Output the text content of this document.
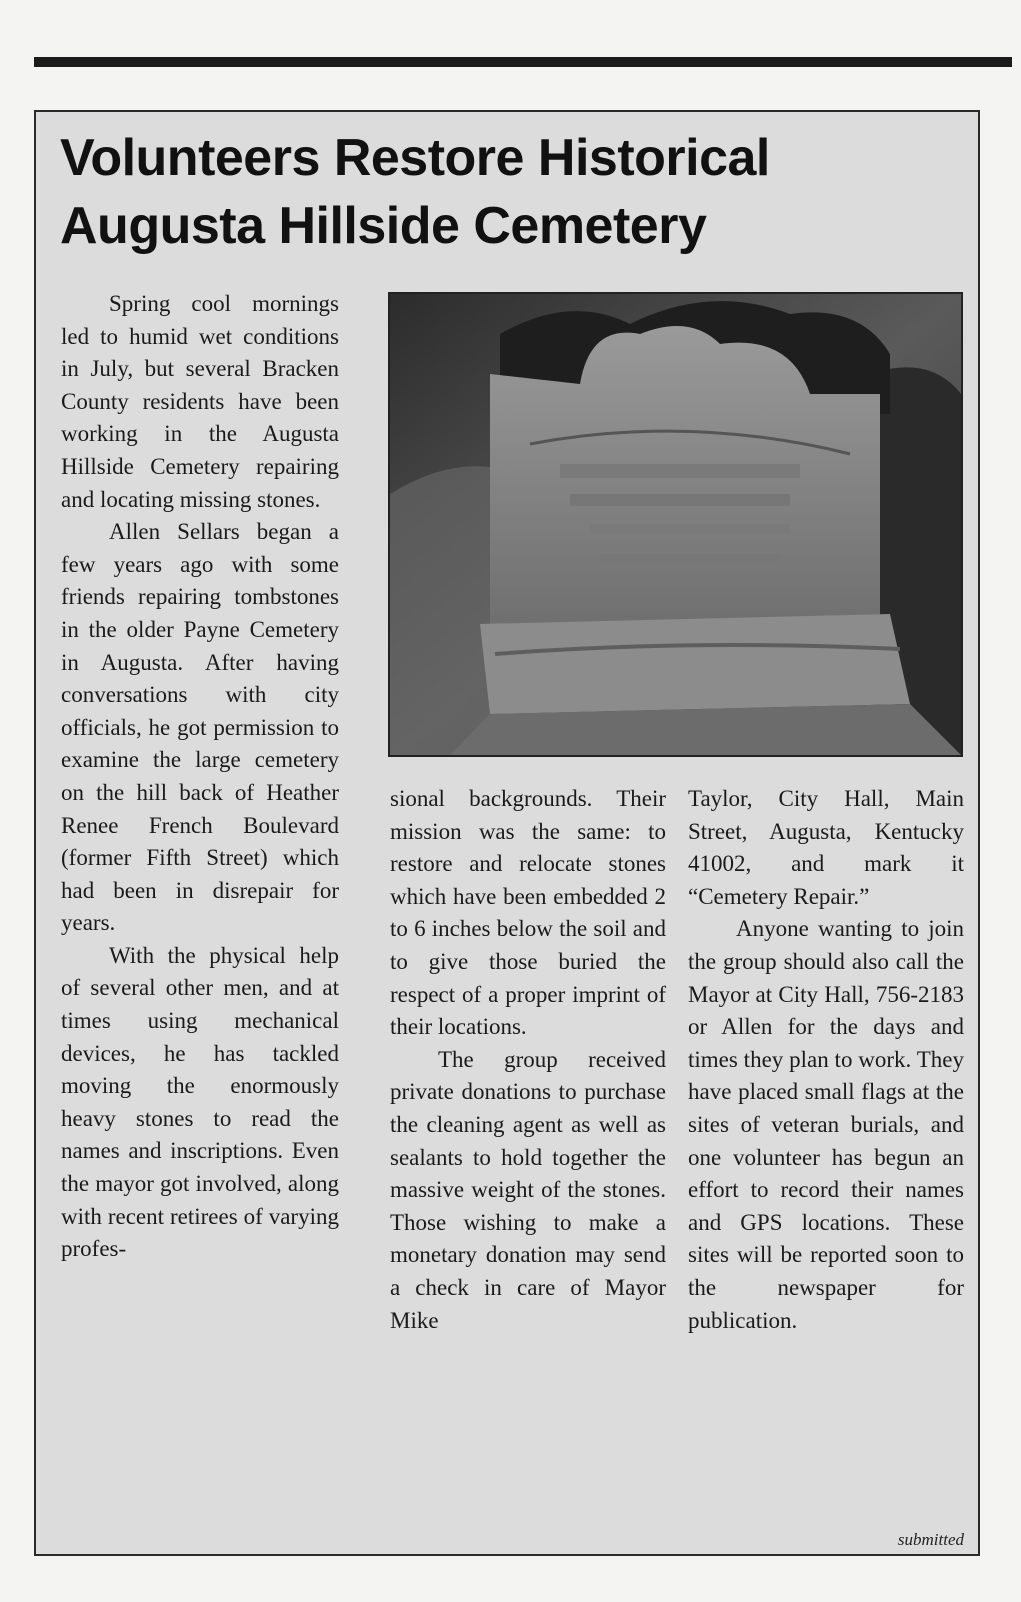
Volunteers Restore Historical
Augusta Hillside Cemetery

Spring cool mornings led to humid wet conditions in July, but several Bracken County residents have been working in the Augusta Hillside Cemetery repairing and locating missing stones.

Allen Sellars began a few years ago with some friends repairing tombstones in the older Payne Cemetery in Augusta. After having conversations with city officials, he got permission to examine the large cemetery on the hill back of Heather Renee French Boulevard (former Fifth Street) which had been in disrepair for years.

With the physical help of several other men, and at times using mechanical devices, he has tackled moving the enormously heavy stones to read the names and inscriptions. Even the mayor got involved, along with recent retirees of varying profes-

sional backgrounds. Their mission was the same: to restore and relocate stones which have been embedded 2 to 6 inches below the soil and to give those buried the respect of a proper imprint of their locations.

The group received private donations to purchase the cleaning agent as well as sealants to hold together the massive weight of the stones. Those wishing to make a monetary donation may send a check in care of Mayor Mike

Taylor, City Hall, Main Street, Augusta, Kentucky 41002, and mark it “Cemetery Repair.”

Anyone wanting to join the group should also call the Mayor at City Hall, 756-2183 or Allen for the days and times they plan to work. They have placed small flags at the sites of veteran burials, and one volunteer has begun an effort to record their names and GPS locations. These sites will be reported soon to the newspaper for publication.

submitted
